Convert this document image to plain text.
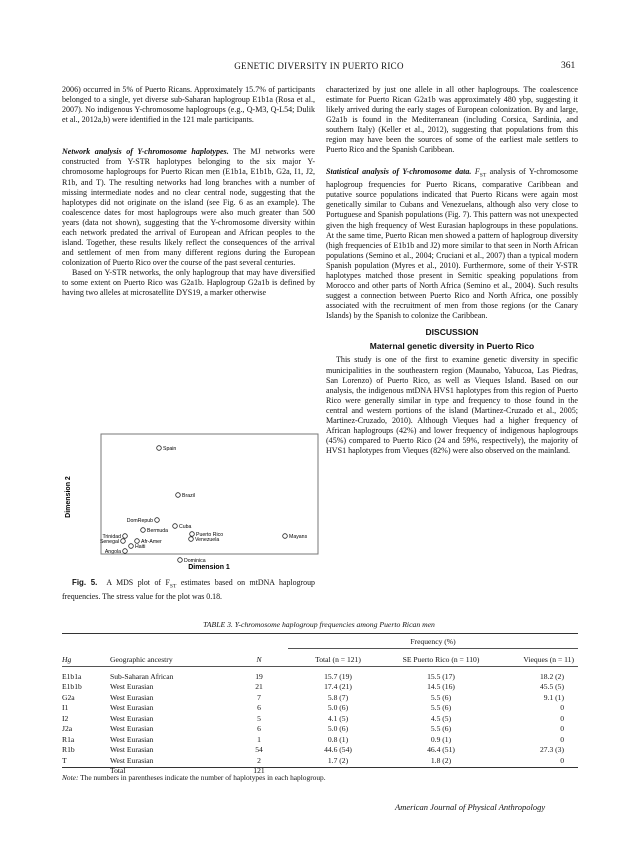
GENETIC DIVERSITY IN PUERTO RICO	361

2006) occurred in 5% of Puerto Ricans. Approximately 15.7% of participants belonged to a single, yet diverse sub-Saharan haplogroup E1b1a (Rosa et al., 2007). No indigenous Y-chromosome haplogroups (e.g., Q-M3, Q-L54; Dulik et al., 2012a,b) were identified in the 121 male participants.

Network analysis of Y-chromosome haplotypes. The MJ networks were constructed from Y-STR haplotypes belonging to the six major Y-chromosome haplogroups for Puerto Rican men (E1b1a, E1b1b, G2a, I1, J2, R1b, and T). The resulting networks had long branches with a number of missing intermediate nodes and no clear central node, suggesting that the haplotypes did not originate on the island (see Fig. 6 as an example). The coalescence dates for most haplogroups were also much greater than 500 years (data not shown), suggesting that the Y-chromosome diversity within each network predated the arrival of European and African peoples to the island. Together, these results likely reflect the consequences of the arrival and settlement of men from many different regions during the European colonization of Puerto Rico over the course of the past several centuries.

Based on Y-STR networks, the only haplogroup that may have diversified to some extent on Puerto Rico was G2a1b. Haplogroup G2a1b is defined by having two alleles at microsatellite DYS19, a marker otherwise

Spain
Brazil
DomRepub
Cuba
Bermuda
Trinidad
Senegal	Afr-Amer
Haiti
Angola
Puerto Rico
Venezuela	Mayans
Dominica
Dimension 2
Dimension 1
Fig. 5. A MDS plot of $F_{ST}$ estimates based on mtDNA haplogroup frequencies. The stress value for the plot was 0.18.

characterized by just one allele in all other haplogroups. The coalescence estimate for Puerto Rican G2a1b was approximately 480 ybp, suggesting it likely arrived during the early stages of European colonization. By and large, G2a1b is found in the Mediterranean (including Corsica, Sardinia, and southern Italy) (Keller et al., 2012), suggesting that populations from this region may have been the sources of some of the earliest male settlers to Puerto Rico and the Spanish Caribbean.

Statistical analysis of Y-chromosome data. $F_{ST}$ analysis of Y-chromosome haplogroup frequencies for Puerto Ricans, comparative Caribbean and putative source populations indicated that Puerto Ricans were again most genetically similar to Cubans and Venezuelans, although also very close to Portuguese and Spanish populations (Fig. 7). This pattern was not unexpected given the high frequency of West Eurasian haplogroups in these populations. At the same time, Puerto Rican men showed a pattern of haplogroup diversity (high frequencies of E1b1b and J2) more similar to that seen in North African populations (Semino et al., 2004; Cruciani et al., 2007) than a typical modern Spanish population (Myres et al., 2010). Furthermore, some of their Y-STR haplotypes matched those present in Semitic speaking populations from Morocco and other parts of North Africa (Semino et al., 2004). Such results suggest a connection between Puerto Rico and North Africa, one possibly associated with the recruitment of men from those regions (or the Canary Islands) by the Spanish to colonize the Caribbean.

DISCUSSION
Maternal genetic diversity in Puerto Rico

This study is one of the first to examine genetic diversity in specific municipalities in the southeastern region (Maunabo, Yabucoa, Las Piedras, San Lorenzo) of Puerto Rico, as well as Vieques Island. Based on our analysis, the indigenous mtDNA HVS1 haplotypes from this region of Puerto Rico were generally similar in type and frequency to those found in the central and western portions of the island (Martinez-Cruzado et al., 2005; Martinez-Cruzado, 2010). Although Vieques had a higher frequency of African haplogroups (42%) and lower frequency of indigenous haplogroups (45%) compared to Puerto Rico (24 and 59%, respectively), the majority of HVS1 haplotypes from Vieques (82%) were also observed on the mainland.

TABLE 3. Y-chromosome haplogroup frequencies among Puerto Rican men
			Frequency (%)		

Hg	Geographic ancestry	N	Total (n = 121)	SE Puerto Rico (n = 110)	Vieques (n = 11)

E1b1a	Sub-Saharan African	19	15.7 (19)	15.5 (17)	18.2 (2)
E1b1b	West Eurasian	21	17.4 (21)	14.5 (16)	45.5 (5)
G2a	West Eurasian	7	5.8 (7)	5.5 (6)	9.1 (1)
I1	West Eurasian	6	5.0 (6)	5.5 (6)	0
I2	West Eurasian	5	4.1 (5)	4.5 (5)	0
J2a	West Eurasian	6	5.0 (6)	5.5 (6)	0
R1a	West Eurasian	1	0.8 (1)	0.9 (1)	0
R1b	West Eurasian	54	44.6 (54)	46.4 (51)	27.3 (3)
T	West Eurasian	2	1.7 (2)	1.8 (2)	0
	Total	121			
Note: The numbers in parentheses indicate the number of haplotypes in each haplogroup.
American Journal of Physical Anthropology
